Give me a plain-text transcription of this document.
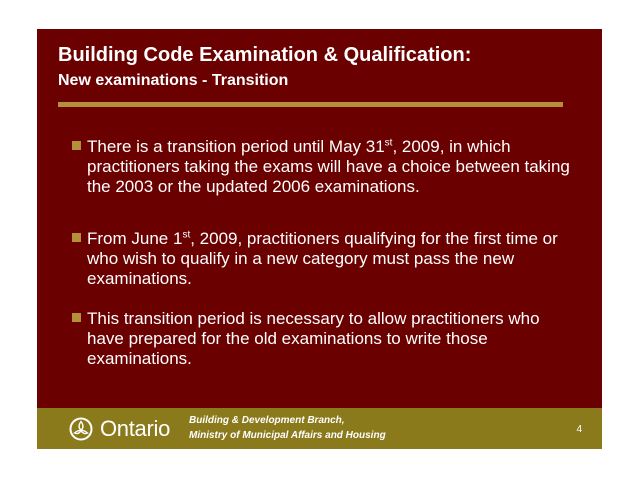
Building Code Examination & Qualification:
New examinations - Transition
There is a transition period until May 31st, 2009, in which practitioners taking the exams will have a choice between taking the 2003 or the updated 2006 examinations.
From June 1st, 2009, practitioners qualifying for the first time or who wish to qualify in a new category must pass the new examinations.
This transition period is necessary to allow practitioners who have prepared for the old examinations to write those examinations.
Ontario Building & Development Branch,
Ministry of Municipal Affairs and Housing
4
